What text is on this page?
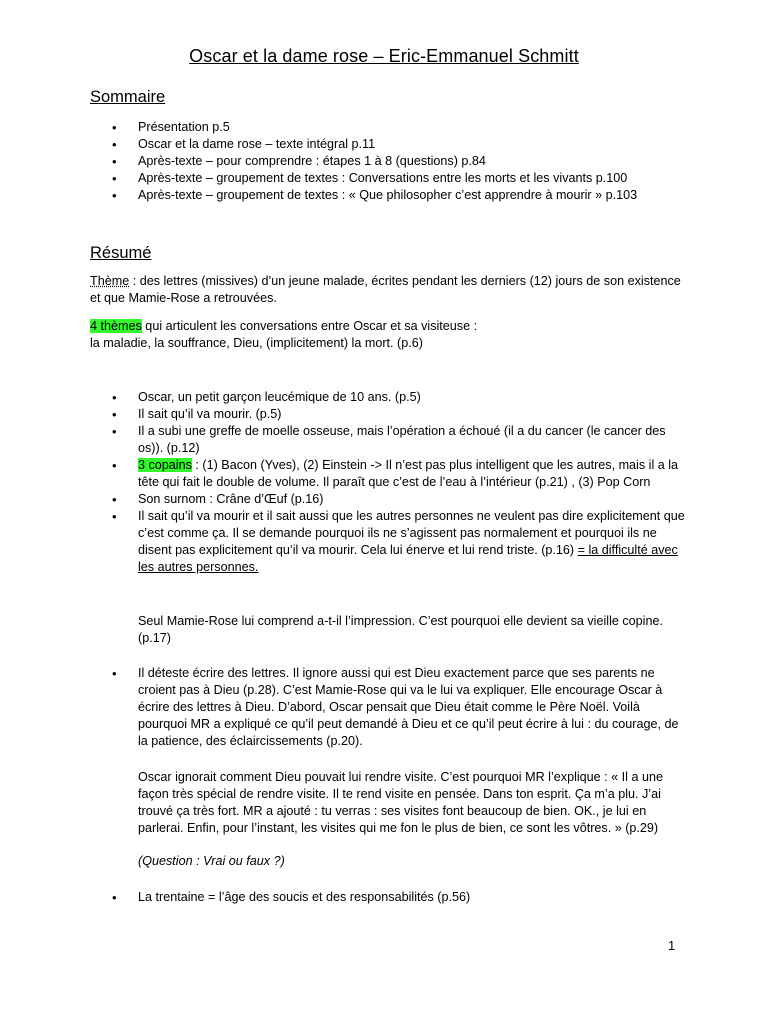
Oscar et la dame rose – Eric-Emmanuel Schmitt
Sommaire
• Présentation p.5
• Oscar et la dame rose – texte intégral p.11
• Après-texte – pour comprendre : étapes 1 à 8 (questions) p.84
• Après-texte – groupement de textes : Conversations entre les morts et les vivants p.100
• Après-texte – groupement de textes : « Que philosopher c’est apprendre à mourir » p.103
Résumé
Thème : des lettres (missives) d’un jeune malade, écrites pendant les derniers (12) jours de son existence et que Mamie-Rose a retrouvées.
4 thèmes qui articulent les conversations entre Oscar et sa visiteuse :
la maladie, la souffrance, Dieu, (implicitement) la mort. (p.6)
• Oscar, un petit garçon leucémique de 10 ans. (p.5)
• Il sait qu’il va mourir. (p.5)
• Il a subi une greffe de moelle osseuse, mais l’opération a échoué (il a du cancer (le cancer des os)). (p.12)
• 3 copains : (1) Bacon (Yves), (2) Einstein -> Il n’est pas plus intelligent que les autres, mais il a la tête qui fait le double de volume. Il paraît que c’est de l’eau à l’intérieur (p.21) , (3) Pop Corn
• Son surnom : Crâne d’Œuf (p.16)
• Il sait qu’il va mourir et il sait aussi que les autres personnes ne veulent pas dire explicitement que c’est comme ça. Il se demande pourquoi ils ne s’agissent pas normalement et pourquoi ils ne disent pas explicitement qu’il va mourir. Cela lui énerve et lui rend triste. (p.16) = la difficulté avec les autres personnes.
Seul Mamie-Rose lui comprend a-t-il l’impression. C’est pourquoi elle devient sa vieille copine. (p.17)
• Il déteste écrire des lettres. Il ignore aussi qui est Dieu exactement parce que ses parents ne croient pas à Dieu (p.28). C’est Mamie-Rose qui va le lui va expliquer. Elle encourage Oscar à écrire des lettres à Dieu. D’abord, Oscar pensait que Dieu était comme le Père Noël. Voilà pourquoi MR a expliqué ce qu’il peut demandé à Dieu et ce qu’il peut écrire à lui : du courage, de la patience, des éclaircissements (p.20).
Oscar ignorait comment Dieu pouvait lui rendre visite. C’est pourquoi MR l’explique : « Il a une façon très spécial de rendre visite. Il te rend visite en pensée. Dans ton esprit. Ça m’a plu. J’ai trouvé ça très fort. MR a ajouté : tu verras : ses visites font beaucoup de bien. OK., je lui en parlerai. Enfin, pour l’instant, les visites qui me fon le plus de bien, ce sont les vôtres. » (p.29)
(Question : Vrai ou faux ?)
• La trentaine = l’âge des soucis et des responsabilités (p.56)
1
